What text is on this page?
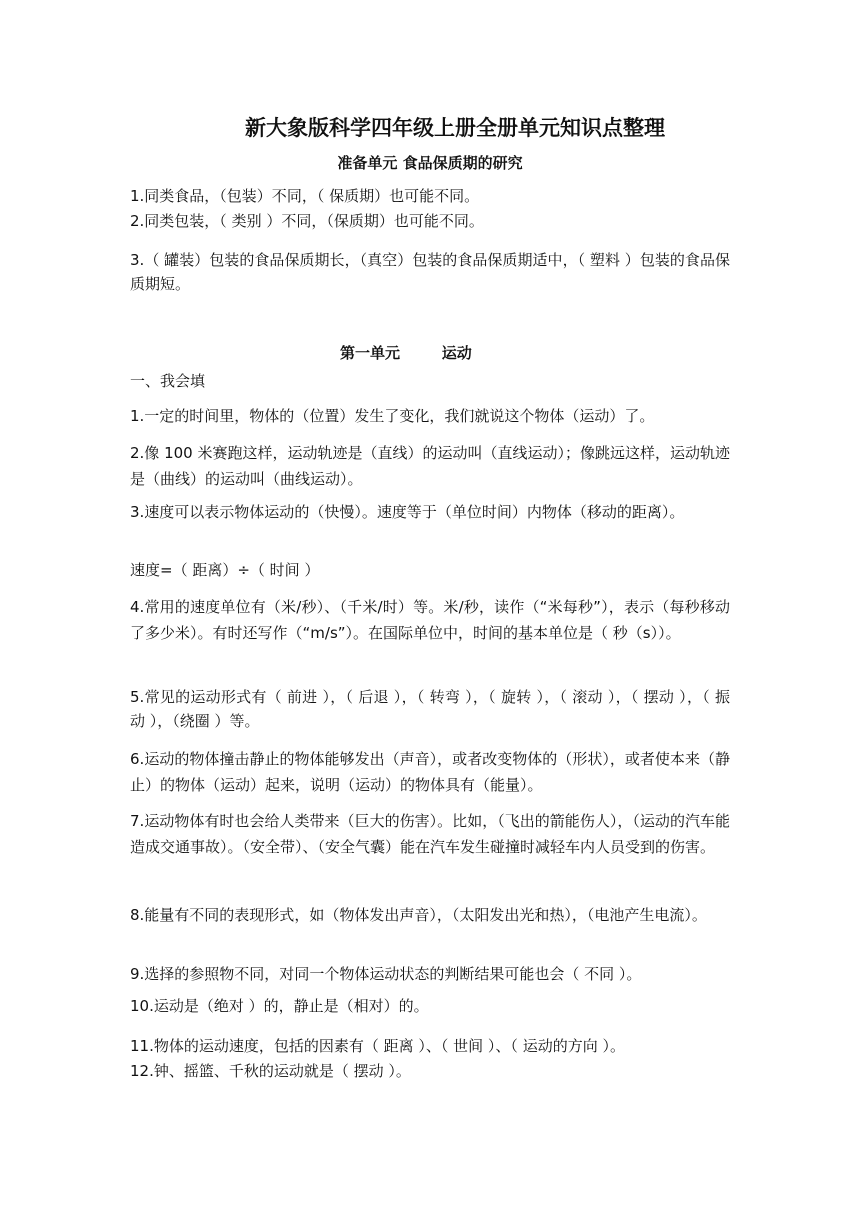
新大象版科学四年级上册全册单元知识点整理
准备单元 食品保质期的研究
1.同类食品，（包装）不同，（ 保质期）也可能不同。
2.同类包装，（ 类别 ）不同，（保质期）也可能不同。
3.（ 罐装）包装的食品保质期长，（真空）包装的食品保质期适中，（ 塑料 ）包装的食品保质期短。
第一单元        运动
一、我会填
1.一定的时间里，物体的（位置）发生了变化，我们就说这个物体（运动）了。
2.像 100 米赛跑这样，运动轨迹是（直线）的运动叫（直线运动）；像跳远这样，运动轨迹是（曲线）的运动叫（曲线运动）。
3.速度可以表示物体运动的（快慢）。速度等于（单位时间）内物体（移动的距离）。
速度=（ 距离）÷（ 时间 ）
4.常用的速度单位有（米/秒）、（千米/时）等。米/秒，读作（“米每秒”），表示（每秒移动了多少米）。有时还写作（“m/s”）。在国际单位中，时间的基本单位是（ 秒（s））。
5.常见的运动形式有（ 前进 ），（ 后退 ），（ 转弯 ），（ 旋转 ），（ 滚动 ），（ 摆动 ），（ 振动 ），（绕圈 ）等。
6.运动的物体撞击静止的物体能够发出（声音），或者改变物体的（形状），或者使本来（静止）的物体（运动）起来，说明（运动）的物体具有（能量）。
7.运动物体有时也会给人类带来（巨大的伤害）。比如，（飞出的箭能伤人），（运动的汽车能造成交通事故）。（安全带）、（安全气囊）能在汽车发生碰撞时减轻车内人员受到的伤害。
8.能量有不同的表现形式，如（物体发出声音），（太阳发出光和热），（电池产生电流）。
9.选择的参照物不同，对同一个物体运动状态的判断结果可能也会（ 不同 ）。
10.运动是（绝对 ）的，静止是（相对）的。
11.物体的运动速度，包括的因素有（ 距离 ）、（ 世间 ）、（ 运动的方向 ）。
12.钟、摇篮、千秋的运动就是（ 摆动 ）。
